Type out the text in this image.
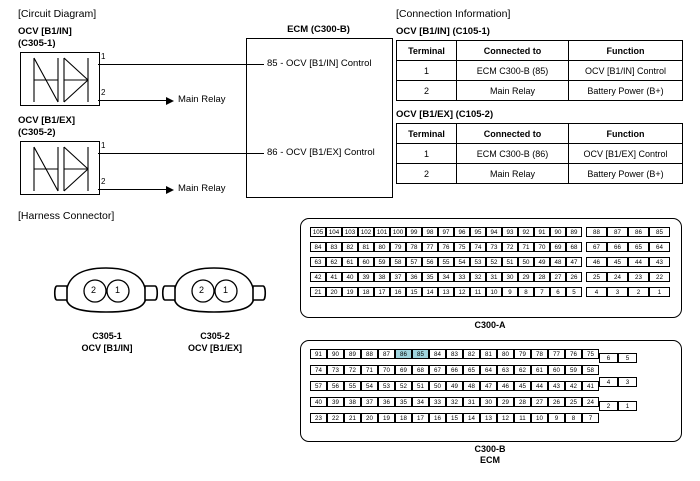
[Circuit Diagram]
ECM (C300-B)
OCV [B1/IN]
(C305-1)
1
85 - OCV [B1/IN] Control
2
Main Relay
OCV [B1/EX]
(C305-2)
1
86 - OCV [B1/EX] Control
2
Main Relay
[Connection Information]
OCV [B1/IN] (C105-1)
Terminal	Connected to	Function
1	ECM C300-B (85)	OCV [B1/IN] Control
2	Main Relay	Battery Power (B+)
OCV [B1/EX] (C105-2)
Terminal	Connected to	Function
1	ECM C300-B (86)	OCV [B1/EX] Control
2	Main Relay	Battery Power (B+)
[Harness Connector]
2 1
C305-1
OCV [B1/IN]
2 1
C305-2
OCV [B1/EX]
105 104 103 102 101 100	99	98	97	96	95	94	93	92	91	90	89
84	83	82	81	80	79	78	77	76	75	74	73	72	71	70	69	68
63	62	61	60	59	58	57	56	55	54	53	52	51	50	49	48	47
42	41	40	39	38	37	36	35	34	33	32	31	30	29	28	27	26
21	20	19	18	17	16	15	14	13	12	11	10	9	8	7	6	5
88	87	86	85
67	66	65	64
46	45	44	43
25	24	23	22
4	3	2	1
C300-A
91	90	89	88	87	86	85	84	83	82	81	80	79	78	77	76	75
74	73	72	71	70	69	68	67	66	65	64	63	62	61	60	59	58
57	56	55	54	53	52	51	50	49	48	47	46	45	44	43	42	41
40	39	38	37	36	35	34	33	32	31	30	29	28	27	26	25	24
23	22	21	20	19	18	17	16	15	14	13	12	11	10	9	8	7
6	5
4	3
2	1
C300-B
ECM
